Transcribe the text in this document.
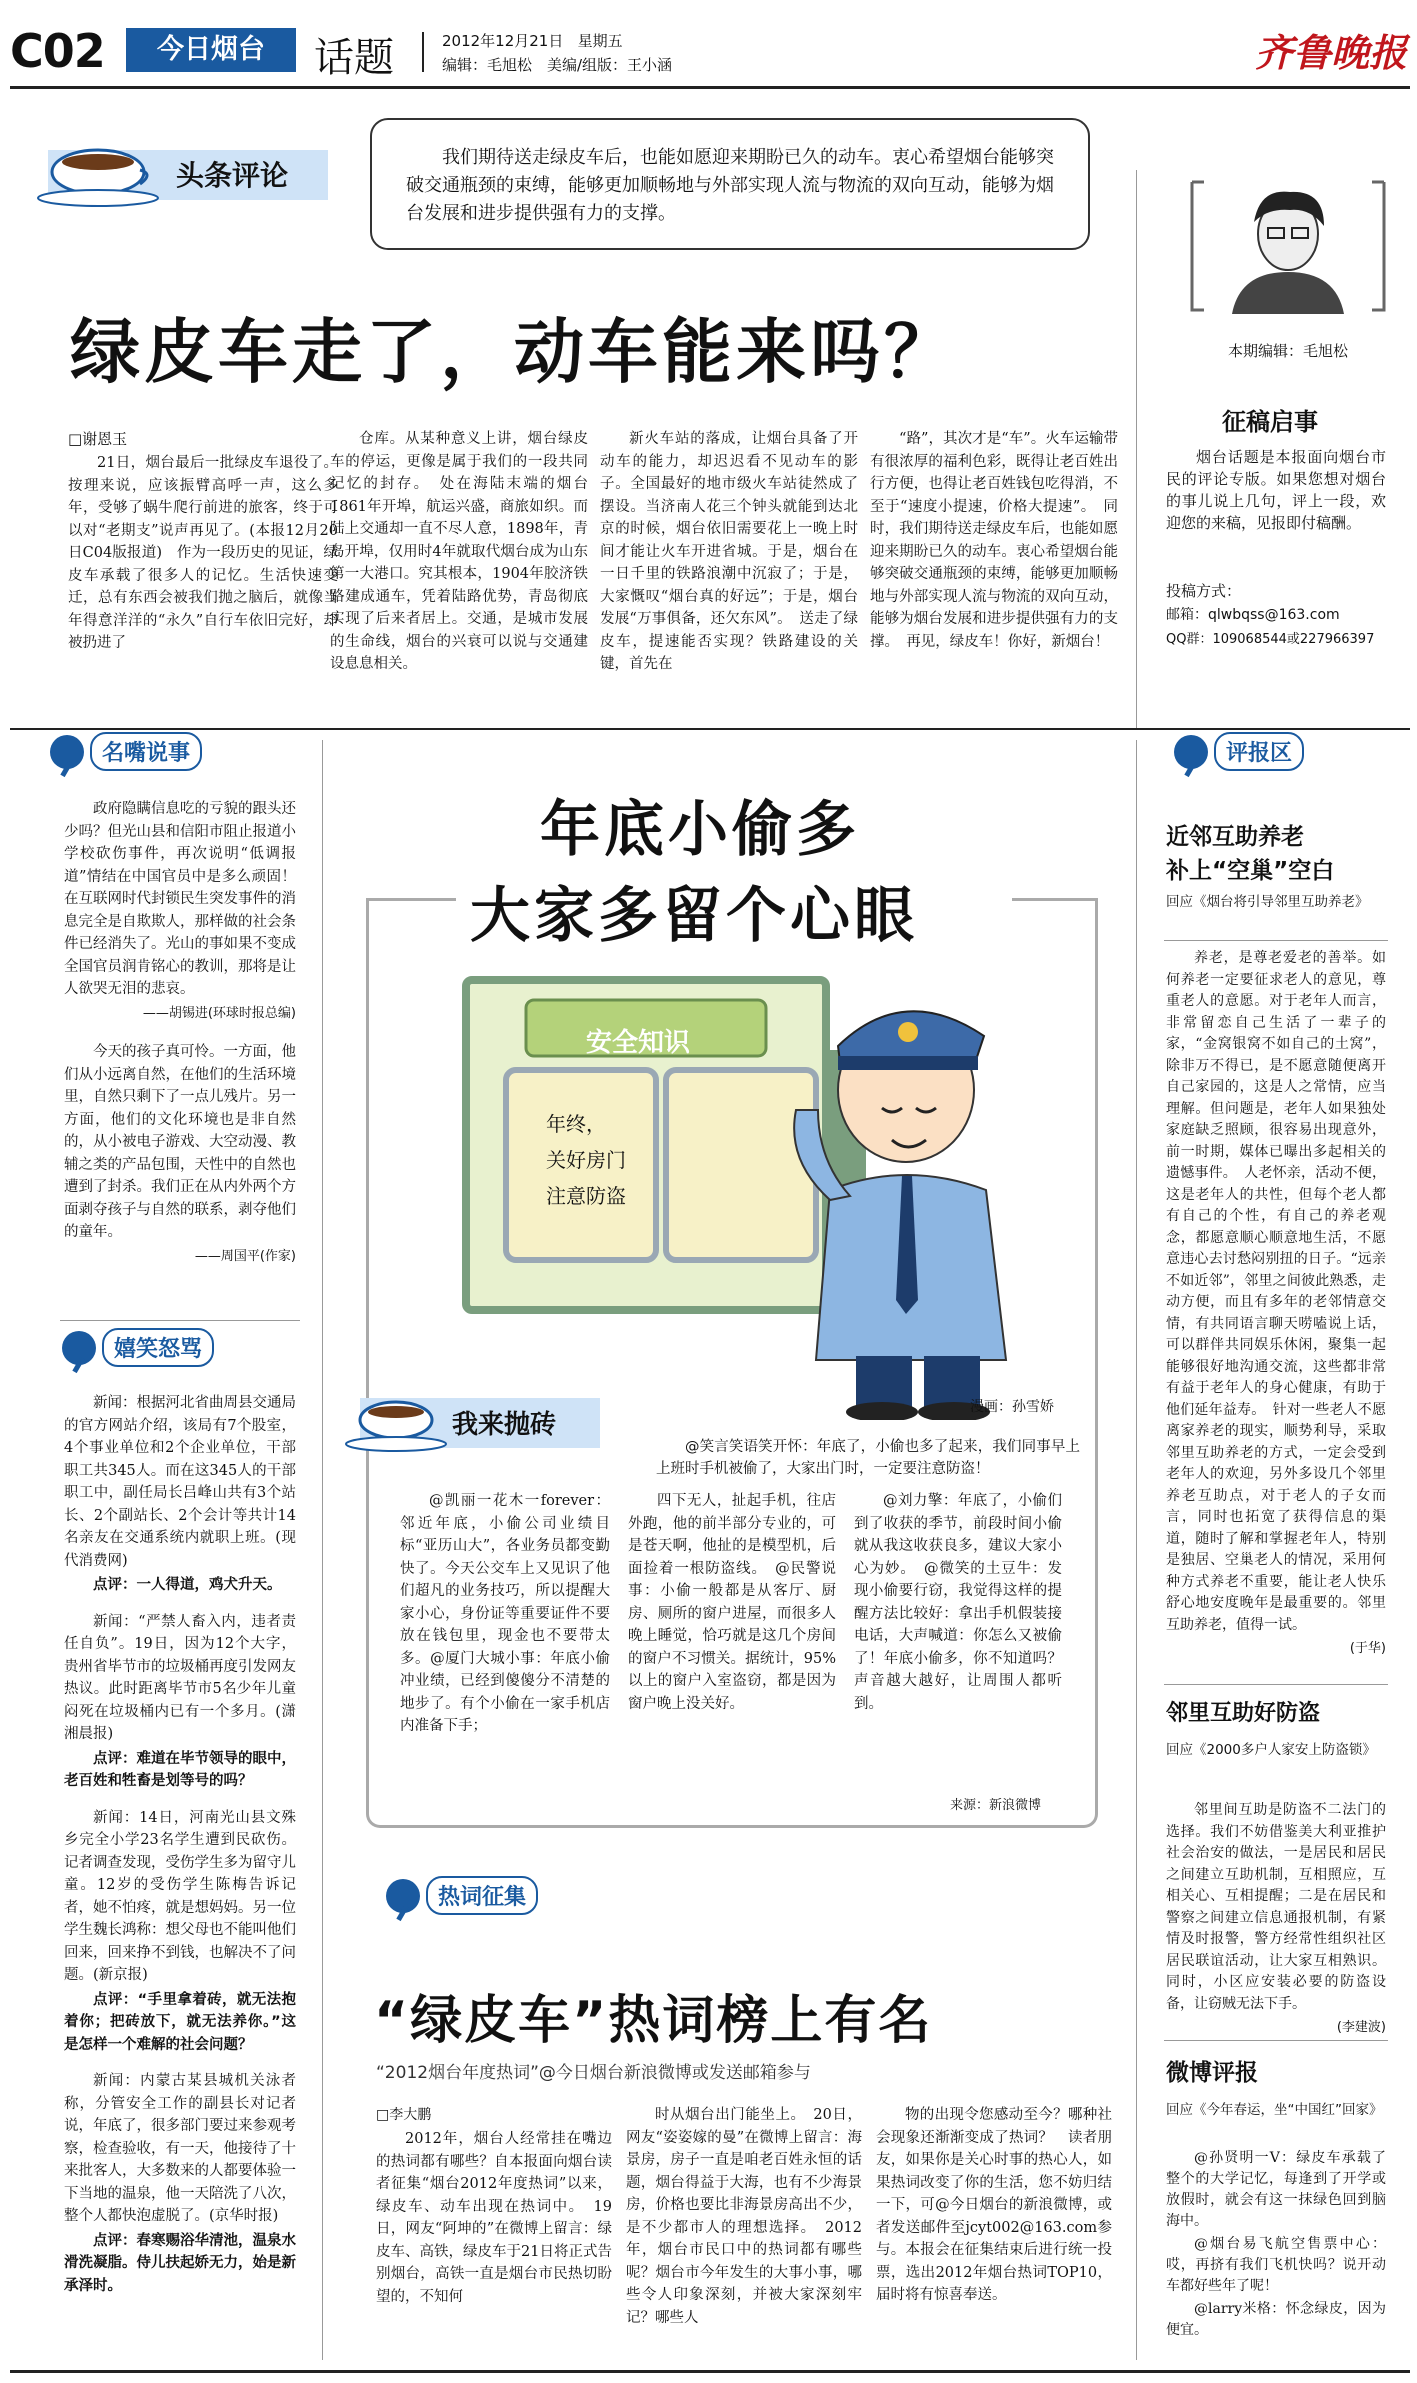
C02	今日烟台	话题	2012年12月21日 星期五
编辑：毛旭松　美编/组版：王小涵	齐鲁晚报
头条评论
我们期待送走绿皮车后，也能如愿迎来期盼已久的动车。衷心希望烟台能够突破交通瓶颈的束缚，能够更加顺畅地与外部实现人流与物流的双向互动，能够为烟台发展和进步提供强有力的支撑。
本期编辑：毛旭松
绿皮车走了，动车能来吗？
□谢恩玉

21日，烟台最后一批绿皮车退役了。按理来说，应该振臂高呼一声，这么多年，受够了蜗牛爬行前进的旅客，终于可以对“老期支”说声再见了。(本报12月20日C04版报道)　作为一段历史的见证，绿皮车承载了很多人的记忆。生活快速变迁，总有东西会被我们抛之脑后，就像当年得意洋洋的“永久”自行车依旧完好，却被扔进了

仓库。从某种意义上讲，烟台绿皮车的停运，更像是属于我们的一段共同记忆的封存。　处在海陆末端的烟台1861年开埠，航运兴盛，商旅如织。而陆上交通却一直不尽人意，1898年，青岛开埠，仅用时4年就取代烟台成为山东第一大港口。究其根本，1904年胶济铁路建成通车，凭着陆路优势，青岛彻底实现了后来者居上。交通，是城市发展的生命线，烟台的兴衰可以说与交通建设息息相关。

新火车站的落成，让烟台具备了开动车的能力，却迟迟看不见动车的影子。全国最好的地市级火车站徒然成了摆设。当济南人花三个钟头就能到达北京的时候，烟台依旧需要花上一晚上时间才能让火车开进省城。于是，烟台在一日千里的铁路浪潮中沉寂了；于是，大家慨叹“烟台真的好远”；于是，烟台发展“万事俱备，还欠东风”。　送走了绿皮车，提速能否实现？铁路建设的关键，首先在

“路”，其次才是“车”。火车运输带有很浓厚的福利色彩，既得让老百姓出行方便，也得让老百姓钱包吃得消，不至于“速度小提速，价格大提速”。　同时，我们期待送走绿皮车后，也能如愿迎来期盼已久的动车。衷心希望烟台能够突破交通瓶颈的束缚，能够更加顺畅地与外部实现人流与物流的双向互动，能够为烟台发展和进步提供强有力的支撑。　再见，绿皮车！你好，新烟台！

征稿启事

烟台话题是本报面向烟台市民的评论专版。如果您想对烟台的事儿说上几句，评上一段，欢迎您的来稿，见报即付稿酬。

投稿方式：
邮箱：qlwbqss@163.com
QQ群：109068544或227966397
名嘴说事

政府隐瞒信息吃的亏貌的跟头还少吗？但光山县和信阳市阻止报道小学校砍伤事件，再次说明“低调报道”情结在中国官员中是多么顽固！在互联网时代封锁民生突发事件的消息完全是自欺欺人，那样做的社会条件已经消失了。光山的事如果不变成全国官员润肯铭心的教训，那将是让人欲哭无泪的悲哀。

——胡锡进(环球时报总编)

今天的孩子真可怜。一方面，他们从小远离自然，在他们的生活环境里，自然只剩下了一点儿残片。另一方面，他们的文化环境也是非自然的，从小被电子游戏、大空动漫、教辅之类的产品包围，天性中的自然也遭到了封杀。我们正在从内外两个方面剥夺孩子与自然的联系，剥夺他们的童年。

——周国平(作家)

嬉笑怒骂

新闻：根据河北省曲周县交通局的官方网站介绍，该局有7个股室，4个事业单位和2个企业单位，干部职工共345人。而在这345人的干部职工中，副任局长吕峰山共有3个站长、2个副站长、2个会计等共计14名亲友在交通系统内就职上班。(现代消费网)

点评：一人得道，鸡犬升天。

新闻：“严禁人畜入内，违者责任自负”。19日，因为12个大字，贵州省毕节市的垃圾桶再度引发网友热议。此时距离毕节市5名少年儿童闷死在垃圾桶内已有一个多月。(潇湘晨报)

点评：难道在毕节领导的眼中，老百姓和牲畜是划等号的吗？

新闻：14日，河南光山县文殊乡完全小学23名学生遭到民砍伤。记者调查发现，受伤学生多为留守儿童。12岁的受伤学生陈梅告诉记者，她不怕疼，就是想妈妈。另一位学生魏长鸿称：想父母也不能叫他们回来，回来挣不到钱，也解决不了问题。(新京报)

点评：“手里拿着砖，就无法抱着你；把砖放下，就无法养你。”这是怎样一个难解的社会问题？

新闻：内蒙古某县城机关泳者称，分管安全工作的副县长对记者说，年底了，很多部门要过来参观考察，检查验收，有一天，他接待了十来批客人，大多数来的人都要体验一下当地的温泉，他一天陪洗了八次，整个人都快泡虚脱了。(京华时报)

点评：春寒赐浴华清池，温泉水滑洗凝脂。侍儿扶起娇无力，始是新承泽时。

年底小偷多
大家多留个心眼
安全知识
年终，
关好房门
注意防盗
漫画：孙雪娇
我来抛砖

@笑言笑语笑开怀：年底了，小偷也多了起来，我们同事早上上班时手机被偷了，大家出门时，一定要注意防盗！

@凯丽一花木一forever：邻近年底，小偷公司业绩目标“亚历山大”，各业务员都变勤快了。今天公交车上又见识了他们超凡的业务技巧，所以提醒大家小心，身份证等重要证件不要放在钱包里，现金也不要带太多。@厦门大城小事：年底小偷冲业绩，已经到傻傻分不清楚的地步了。有个小偷在一家手机店内准备下手；

四下无人，扯起手机，往店外跑，他的前半部分专业的，可是苍天啊，他扯的是模型机，后面捡着一根防盗线。　@民警说事：小偷一般都是从客厅、厨房、厕所的窗户进屋，而很多人晚上睡觉，恰巧就是这几个房间的窗户不习惯关。据统计，95%以上的窗户入室盗窃，都是因为窗户晚上没关好。

@刘力擎：年底了，小偷们到了收获的季节，前段时间小偷就从我这收获良多，建议大家小心为妙。　@微笑的土豆牛：发现小偷要行窃，我觉得这样的提醒方法比较好：拿出手机假装接电话，大声喊道：你怎么又被偷了！年底小偷多，你不知道吗？声音越大越好，让周围人都听到。

来源：新浪微博
热词征集
“绿皮车”热词榜上有名
“2012烟台年度热词”@今日烟台新浪微博或发送邮箱参与
□李大鹏

2012年，烟台人经常挂在嘴边的热词都有哪些？自本报面向烟台读者征集“烟台2012年度热词”以来，绿皮车、动车出现在热词中。　19日，网友“阿坤的”在微博上留言：绿皮车、高铁，绿皮车于21日将正式告别烟台，高铁一直是烟台市民热切盼望的，不知何

时从烟台出门能坐上。　20日，网友“姿姿嫁的曼”在微博上留言：海景房，房子一直是咱老百姓永恒的话题，烟台得益于大海，也有不少海景房，价格也要比非海景房高出不少，是不少都市人的理想选择。　2012年，烟台市民口中的热词都有哪些呢？烟台市今年发生的大事小事，哪些令人印象深刻，并被大家深刻牢记？哪些人

物的出现令您感动至今？哪种社会现象还渐渐变成了热词？　读者朋友，如果你是关心时事的热心人，如果热词改变了你的生活，您不妨归结一下，可@今日烟台的新浪微博，或者发送邮件至jcyt002@163.com参与。本报会在征集结束后进行统一投票，选出2012年烟台热词TOP10，届时将有惊喜奉送。

评报区
近邻互助养老
补上“空巢”空白
回应《烟台将引导邻里互助养老》

养老，是尊老爱老的善举。如何养老一定要征求老人的意见，尊重老人的意愿。对于老年人而言，非常留恋自己生活了一辈子的家，“金窝银窝不如自己的土窝”，除非万不得已，是不愿意随便离开自己家园的，这是人之常情，应当理解。但问题是，老年人如果独处家庭缺乏照顾，很容易出现意外，前一时期，媒体已曝出多起相关的遗憾事件。　人老怀亲，活动不便，这是老年人的共性，但每个老人都有自己的个性，有自己的养老观念，都愿意顺心顺意地生活，不愿意违心去讨愁闷别扭的日子。“远亲不如近邻”，邻里之间彼此熟悉，走动方便，而且有多年的老邻情意交情，有共同语言聊天唠嗑说上话，可以群伴共同娱乐休闲，聚集一起能够很好地沟通交流，这些都非常有益于老年人的身心健康，有助于他们延年益寿。　针对一些老人不愿离家养老的现实，顺势利导，采取邻里互助养老的方式，一定会受到老年人的欢迎，另外多设几个邻里养老互助点，对于老人的子女而言，同时也拓宽了获得信息的渠道，随时了解和掌握老年人，特别是独居、空巢老人的情况，采用何种方式养老不重要，能让老人快乐舒心地安度晚年是最重要的。邻里互助养老，值得一试。

(于华)

邻里互助好防盗
回应《2000多户人家安上防盗锁》

邻里间互助是防盗不二法门的选择。我们不妨借鉴美大利亚推护社会治安的做法，一是居民和居民之间建立互助机制，互相照应，互相关心、互相提醒；二是在居民和警察之间建立信息通报机制，有紧情及时报警，警方经常性组织社区居民联谊活动，让大家互相熟识。同时，小区应安装必要的防盗设备，让窃贼无法下手。

(李建波)

微博评报
回应《今年春运，坐“中国红”回家》

@孙贤明一V：绿皮车承载了整个的大学记忆，每逢到了开学或放假时，就会有这一抹绿色回到脑海中。

@烟台易飞航空售票中心：哎，再挤有我们飞机快吗？说开动车都好些年了呢！

@larry米格：怀念绿皮，因为便宜。
